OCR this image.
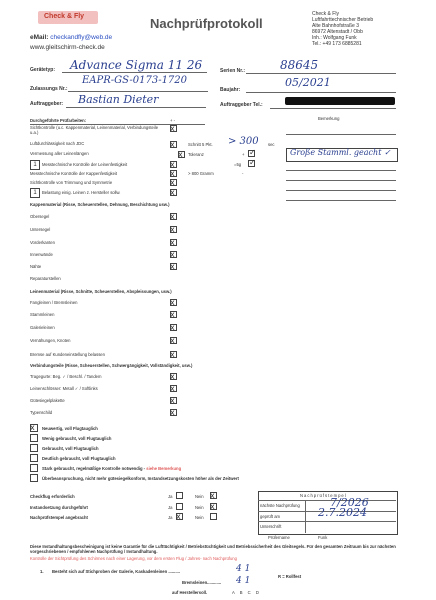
Check & Fly
eMail: checkandfly@web.de
www.gleitschirm-check.de
Nachprüfprotokoll
Check & Fly
Luftfahrttechnischer Betrieb
Alte Bahnhofstraße 3
86972 Altenstadt / Obb
Inh.: Wolfgang Funk
Tel.: +49 173 6885281
Gerätetyp: Advance Sigma 11 26	Serien Nr.:	88645
Zulassungs Nr.:
EAPR-GS-0173-1720
Baujahr:
05/2021
Auftraggeber: Bastian Dieter	Auftraggeber Tel.:
Durchgeführte Prüfarbeiten:	+ -	Bemerkung
Sichtkontrolle (u.c. Kappenmaterial, Leinenmaterial, Verbindungsteile u.a.)	x
Luftdurchlässigkeit nach JDC	x	Schnitt 5 Pkt. > 300 sec
Vermessung aller Leinenlängen	x Toleranz	+ ✓
1	Messtechnische Kontrolle der Leinenfestigkeit	x	=5g ✓
-
Messtechnische Kontrolle der Kappenfestigkeit	x	> 800 Gramm
Sichtkontrolle von Trimmung und Symmetrie	x
1	Belastung einig. Leinen z. Hersteller sollw.	x
Große Stamml. geacht ✓
Kappenmaterial (Risse, Scheuerstellen, Dehnung, Beschichtung usw.)
Obersegel	x
Untersegel	x
Vorderkanten	x
Innenwände	x
Nähte	x
Reparaturstellen
Leinenmaterial (Risse, Schnitte, Scheuerstellen, Abspleissungen, usw.)
Fangleinen / Bremsleinen	x
Stammleinen	x
Galerieleinen	x
Vernähungen, Knoten	x
Bremse auf Kundeneinstellung belassen	x
Verbindungsteile (Risse, Scheuerstellen, Schwergängigkeit, Vollständigkeit, usw.)
Tragegurte: Beg. ✓ / Beschl. / Tandem	x
Leinenschlösser: Metall ✓ / Softlinks	x
Gütesiegelplakette	x
Typenschild	x
x Neuwertig, voll Flugtauglich
Wenig gebraucht, voll Flugtauglich
Gebraucht, voll Flugtauglich
Deutlich gebraucht, voll Flugtauglich
Stark gebraucht, regelmäßige Kontrolle notwendig - siehe Bemerkung
Überbeanspruchung, nicht mehr gütesiegelkonform, Instandsetzungskosten höher als der Zeitwert
Checkflug erforderlich	Ja	Nein x
Instandsetzung durchgeführt	Ja	Nein x
Nachprüfstempel angebracht	Ja x	Nein
Nachprüfstempel
nächste Nachprüfung	7/2026
geprüft am	2.7.2024
Unterschrift
Prüfername	Funk
Diese Instandhaltungsbescheinigung ist keine Garantie für die Lufttüchtigkeit / Betriebstüchtigkeit und Betriebssicherheit des Gleitsegels. Für den gesamten Zeitraum bis zur nächsten vorgeschriebenen / empfohlenen Nachprüfung / Instandhaltung.
Kontrolle der Sichtprüfung des Schirmes nach einer Lagerung, vor dem ersten Flug / Jahres- nach Nachprüfung
1. Besteht sich auf Stichproben der Galerie, Kaskadenleinen ..........	4 1
Bremsleinen............ 4 1	R = Rollfest
auf Herstellersoll.	A B C D
